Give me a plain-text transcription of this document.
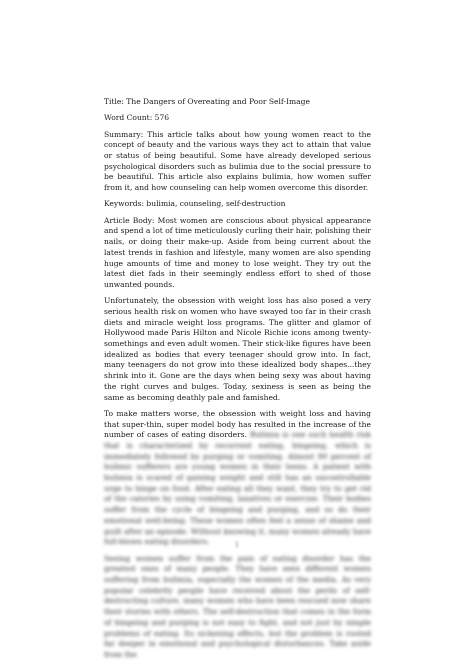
Title: The Dangers of Overeating and Poor Self-Image

Word Count: 576

Summary: This article talks about how young women react to the concept of beauty and the various ways they act to attain that value or status of being beautiful. Some have already developed serious psychological disorders such as bulimia due to the social pressure to be beautiful. This article also explains bulimia, how women suffer from it, and how counseling can help women overcome this disorder.

Keywords: bulimia, counseling, self-destruction

Article Body: Most women are conscious about physical appearance and spend a lot of time meticulously curling their hair, polishing their nails, or doing their make-up. Aside from being current about the latest trends in fashion and lifestyle, many women are also spending huge amounts of time and money to lose weight. They try out the latest diet fads in their seemingly endless effort to shed of those unwanted pounds.

Unfortunately, the obsession with weight loss has also posed a very serious health risk on women who have swayed too far in their crash diets and miracle weight loss programs. The glitter and glamor of Hollywood made Paris Hilton and Nicole Richie icons among twenty-somethings and even adult women. Their stick-like figures have been idealized as bodies that every teenager should grow into. In fact, many teenagers do not grow into these idealized body shapes...they shrink into it. Gone are the days when being sexy was about having the right curves and bulges. Today, sexiness is seen as being the same as becoming deathly pale and famished.

To make matters worse, the obsession with weight loss and having that super-thin, super model body has resulted in the increase of the number of cases of eating disorders. Bulimia is one such health risk that is characterized by recurrent eating, bingeing, which is immediately followed by purging or vomiting. Almost 90 percent of bulimic sufferers are young women in their teens. A patient with bulimia is scared of gaining weight and still has an uncontrollable urge to binge on food. After eating all they want, they try to get rid of the calories by using vomiting, laxatives or exercise. Their bodies suffer from the cycle of bingeing and purging, and so do their emotional well-being. These women often feel a sense of shame and guilt after an episode. Without knowing it, many women already have full-blown eating disorders.

Seeing women suffer from the pain of eating disorder has the greatest ones of many people. They have seen different women suffering from bulimia, especially the women of the media. As very popular celebrity people have received about the perils of self-destructing culture, many women who have been rescued now share their stories with others. The self-destruction that comes in the form of bingeing and purging is not easy to fight, and not just by simple problems of eating. Its sickening effects, but the problem is rooted far deeper in emotional and psychological disturbances. Take aside from the

1
